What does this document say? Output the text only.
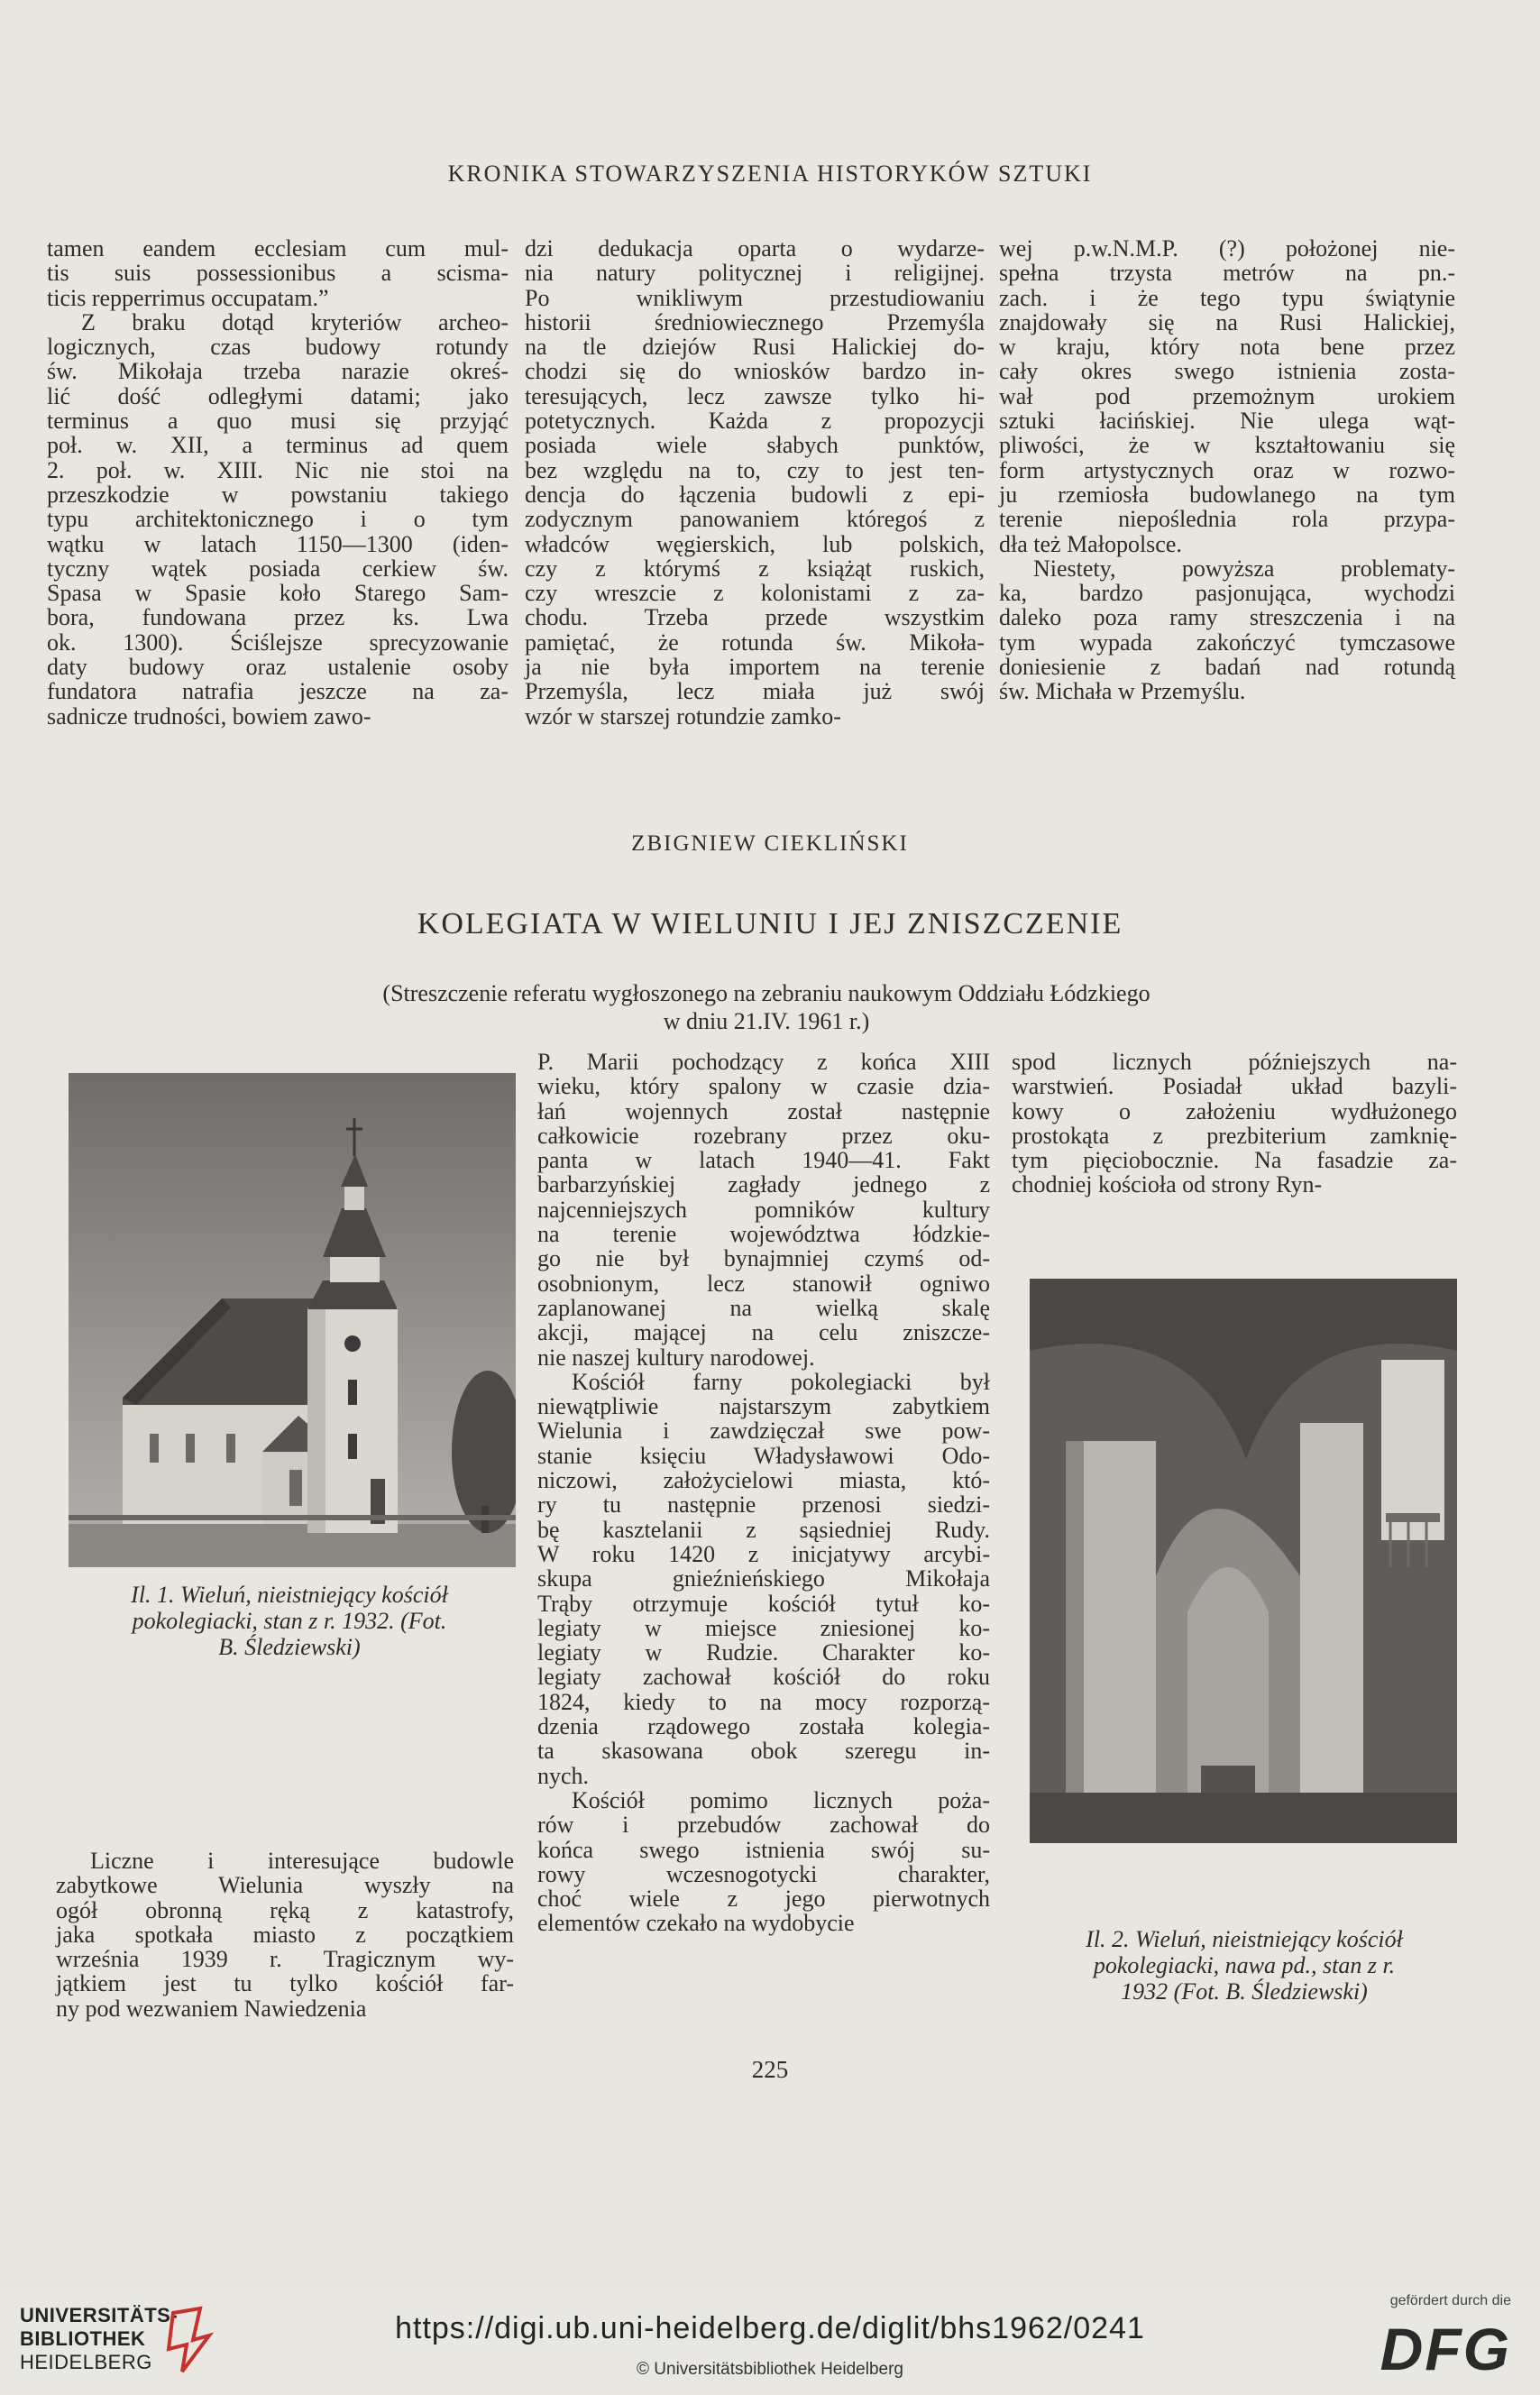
KRONIKA STOWARZYSZENIA HISTORYKÓW SZTUKI
tamen eandem ecclesiam cum mul-
tis suis possessionibus a scisma-
ticis repperrimus occupatam.”
Z braku dotąd kryteriów archeo-
logicznych, czas budowy rotundy
św. Mikołaja trzeba narazie okreś-
lić dość odległymi datami; jako
terminus a quo musi się przyjąć
poł. w. XII, a terminus ad quem
2. poł. w. XIII. Nic nie stoi na
przeszkodzie w powstaniu takiego
typu architektonicznego i o tym
wątku w latach 1150—1300 (iden-
tyczny wątek posiada cerkiew św.
Spasa w Spasie koło Starego Sam-
bora, fundowana przez ks. Lwa
ok. 1300). Ściślejsze sprecyzowanie
daty budowy oraz ustalenie osoby
fundatora natrafia jeszcze na za-
sadnicze trudności, bowiem zawo-
dzi dedukacja oparta o wydarze-
nia natury politycznej i religijnej.
Po wnikliwym przestudiowaniu
historii średniowiecznego Przemyśla
na tle dziejów Rusi Halickiej do-
chodzi się do wniosków bardzo in-
teresujących, lecz zawsze tylko hi-
potetycznych. Każda z propozycji
posiada wiele słabych punktów,
bez względu na to, czy to jest ten-
dencja do łączenia budowli z epi-
zodycznym panowaniem któregoś z
władców węgierskich, lub polskich,
czy z którymś z książąt ruskich,
czy wreszcie z kolonistami z za-
chodu. Trzeba przede wszystkim
pamiętać, że rotunda św. Mikoła-
ja nie była importem na terenie
Przemyśla, lecz miała już swój
wzór w starszej rotundzie zamko-
wej p.w.N.M.P. (?) położonej nie-
spełna trzysta metrów na pn.-
zach. i że tego typu świątynie
znajdowały się na Rusi Halickiej,
w kraju, który nota bene przez
cały okres swego istnienia zosta-
wał pod przemożnym urokiem
sztuki łacińskiej. Nie ulega wąt-
pliwości, że w kształtowaniu się
form artystycznych oraz w rozwo-
ju rzemiosła budowlanego na tym
terenie niepoślednia rola przypa-
dła też Małopolsce.
Niestety, powyższa problematy-
ka, bardzo pasjonująca, wychodzi
daleko poza ramy streszczenia i na
tym wypada zakończyć tymczasowe
doniesienie z badań nad rotundą
św. Michała w Przemyślu.
ZBIGNIEW CIEKLIŃSKI
KOLEGIATA W WIELUNIU I JEJ ZNISZCZENIE
(Streszczenie referatu wygłoszonego na zebraniu naukowym Oddziału Łódzkiego
w dniu 21.IV. 1961 r.)
Il. 1. Wieluń, nieistniejący kościół
pokolegiacki, stan z r. 1932. (Fot.
B. Śledziewski)
Il. 2. Wieluń, nieistniejący kościół
pokolegiacki, nawa pd., stan z r.
1932 (Fot. B. Śledziewski)
Liczne i interesujące budowle
zabytkowe Wielunia wyszły na
ogół obronną ręką z katastrofy,
jaka spotkała miasto z początkiem
września 1939 r. Tragicznym wy-
jątkiem jest tu tylko kościół far-
ny pod wezwaniem Nawiedzenia
P. Marii pochodzący z końca XIII
wieku, który spalony w czasie dzia-
łań wojennych został następnie
całkowicie rozebrany przez oku-
panta w latach 1940—41. Fakt
barbarzyńskiej zagłady jednego z
najcenniejszych pomników kultury
na terenie województwa łódzkie-
go nie był bynajmniej czymś od-
osobnionym, lecz stanowił ogniwo
zaplanowanej na wielką skalę
akcji, mającej na celu zniszcze-
nie naszej kultury narodowej.
Kościół farny pokolegiacki był
niewątpliwie najstarszym zabytkiem
Wielunia i zawdzięczał swe pow-
stanie księciu Władysławowi Odo-
niczowi, założycielowi miasta, któ-
ry tu następnie przenosi siedzi-
bę kasztelanii z sąsiedniej Rudy.
W roku 1420 z inicjatywy arcybi-
skupa gnieźnieńskiego Mikołaja
Trąby otrzymuje kościół tytuł ko-
legiaty w miejsce zniesionej ko-
legiaty w Rudzie. Charakter ko-
legiaty zachował kościół do roku
1824, kiedy to na mocy rozporzą-
dzenia rządowego została kolegia-
ta skasowana obok szeregu in-
nych.
Kościół pomimo licznych poża-
rów i przebudów zachował do
końca swego istnienia swój su-
rowy wczesnogotycki charakter,
choć wiele z jego pierwotnych
elementów czekało na wydobycie
spod licznych późniejszych na-
warstwień. Posiadał układ bazyli-
kowy o założeniu wydłużonego
prostokąta z prezbiterium zamknię-
tym pięciobocznie. Na fasadzie za-
chodniej kościoła od strony Ryn-
225
UNIVERSITÄTS-
BIBLIOTHEK
HEIDELBERG
https://digi.ub.uni-heidelberg.de/diglit/bhs1962/0241
© Universitätsbibliothek Heidelberg
gefördert durch die
DFG
